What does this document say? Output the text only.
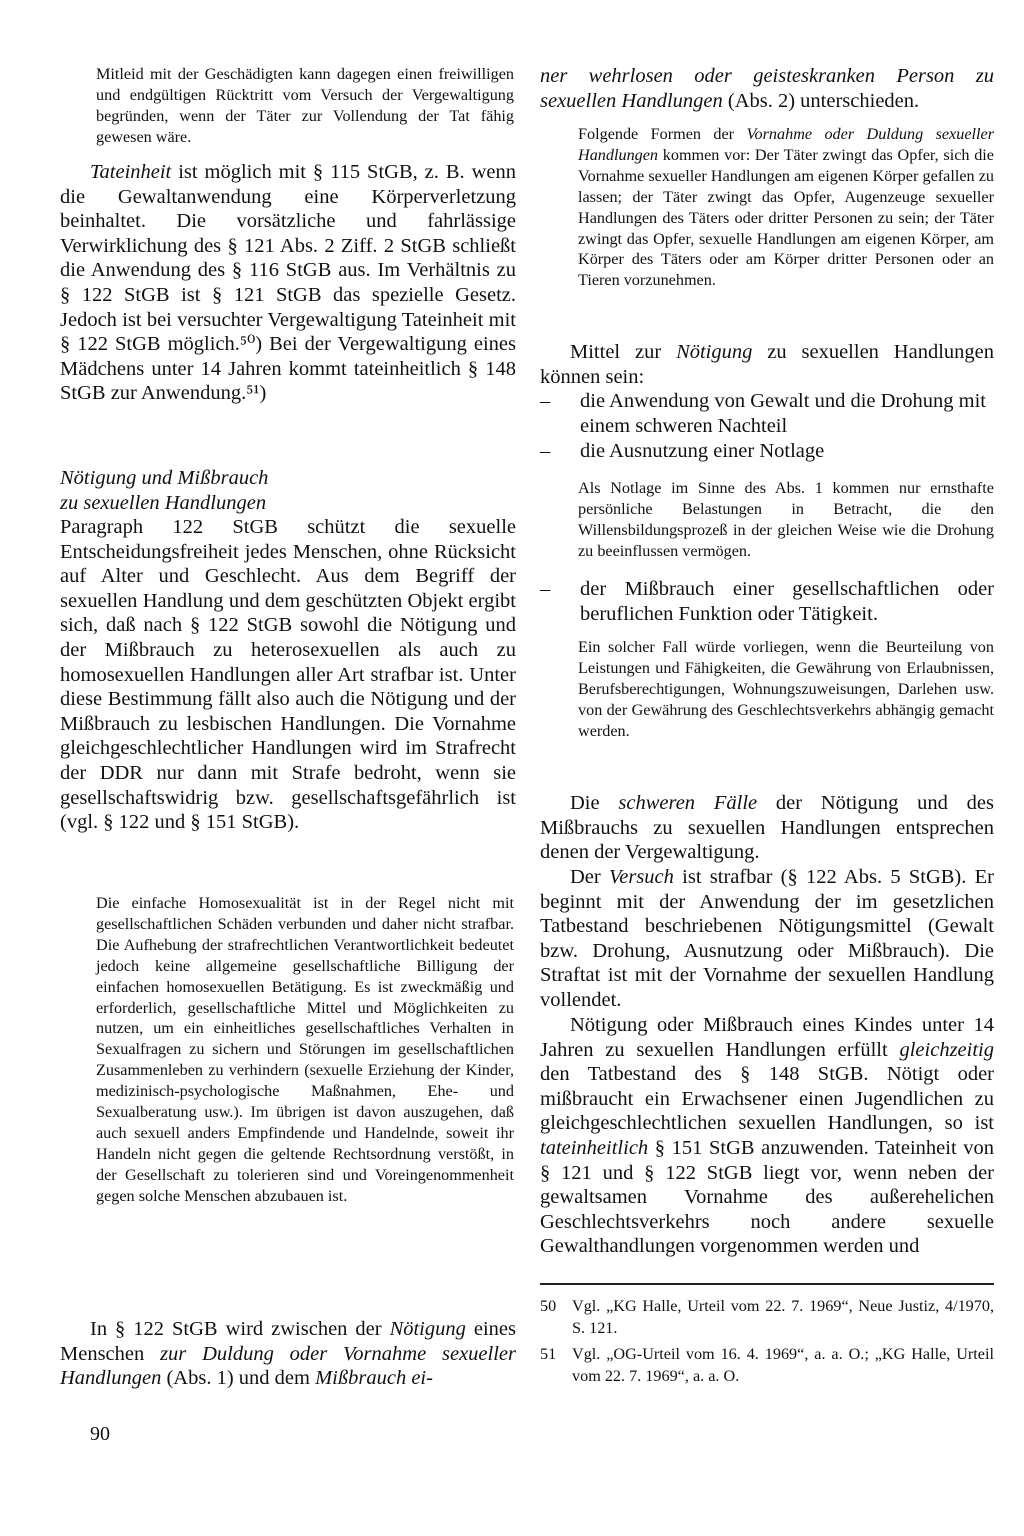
Mitleid mit der Geschädigten kann dagegen einen freiwilligen und endgültigen Rücktritt vom Versuch der Vergewaltigung begründen, wenn der Täter zur Vollendung der Tat fähig gewesen wäre.
Tateinheit ist möglich mit § 115 StGB, z. B. wenn die Gewaltanwendung eine Körperverletzung beinhaltet. Die vorsätzliche und fahrlässige Verwirklichung des § 121 Abs. 2 Ziff. 2 StGB schließt die Anwendung des § 116 StGB aus. Im Verhältnis zu § 122 StGB ist § 121 StGB das spezielle Gesetz. Jedoch ist bei versuchter Vergewaltigung Tateinheit mit § 122 StGB möglich.⁵⁰) Bei der Vergewaltigung eines Mädchens unter 14 Jahren kommt tateinheitlich § 148 StGB zur Anwendung.⁵¹)
Nötigung und Mißbrauch
zu sexuellen Handlungen
Paragraph 122 StGB schützt die sexuelle Entscheidungsfreiheit jedes Menschen, ohne Rücksicht auf Alter und Geschlecht. Aus dem Begriff der sexuellen Handlung und dem geschützten Objekt ergibt sich, daß nach § 122 StGB sowohl die Nötigung und der Mißbrauch zu heterosexuellen als auch zu homosexuellen Handlungen aller Art strafbar ist. Unter diese Bestimmung fällt also auch die Nötigung und der Mißbrauch zu lesbischen Handlungen. Die Vornahme gleichgeschlechtlicher Handlungen wird im Strafrecht der DDR nur dann mit Strafe bedroht, wenn sie gesellschaftswidrig bzw. gesellschaftsgefährlich ist (vgl. § 122 und § 151 StGB).
Die einfache Homosexualität ist in der Regel nicht mit gesellschaftlichen Schäden verbunden und daher nicht strafbar. Die Aufhebung der strafrechtlichen Verantwortlichkeit bedeutet jedoch keine allgemeine gesellschaftliche Billigung der einfachen homosexuellen Betätigung. Es ist zweckmäßig und erforderlich, gesellschaftliche Mittel und Möglichkeiten zu nutzen, um ein einheitliches gesellschaftliches Verhalten in Sexualfragen zu sichern und Störungen im gesellschaftlichen Zusammenleben zu verhindern (sexuelle Erziehung der Kinder, medizinisch-psychologische Maßnahmen, Ehe- und Sexualberatung usw.). Im übrigen ist davon auszugehen, daß auch sexuell anders Empfindende und Handelnde, soweit ihr Handeln nicht gegen die geltende Rechtsordnung verstößt, in der Gesellschaft zu tolerieren sind und Voreingenommenheit gegen solche Menschen abzubauen ist.
In § 122 StGB wird zwischen der Nötigung eines Menschen zur Duldung oder Vornahme sexueller Handlungen (Abs. 1) und dem Mißbrauch ei-
90
ner wehrlosen oder geisteskranken Person zu sexuellen Handlungen (Abs. 2) unterschieden.
Folgende Formen der Vornahme oder Duldung sexueller Handlungen kommen vor: Der Täter zwingt das Opfer, sich die Vornahme sexueller Handlungen am eigenen Körper gefallen zu lassen; der Täter zwingt das Opfer, Augenzeuge sexueller Handlungen des Täters oder dritter Personen zu sein; der Täter zwingt das Opfer, sexuelle Handlungen am eigenen Körper, am Körper des Täters oder am Körper dritter Personen oder an Tieren vorzunehmen.
Mittel zur Nötigung zu sexuellen Handlungen können sein:
– die Anwendung von Gewalt und die Drohung mit einem schweren Nachteil
– die Ausnutzung einer Notlage
Als Notlage im Sinne des Abs. 1 kommen nur ernsthafte persönliche Belastungen in Betracht, die den Willensbildungsprozeß in der gleichen Weise wie die Drohung zu beeinflussen vermögen.
– der Mißbrauch einer gesellschaftlichen oder beruflichen Funktion oder Tätigkeit.
Ein solcher Fall würde vorliegen, wenn die Beurteilung von Leistungen und Fähigkeiten, die Gewährung von Erlaubnissen, Berufsberechtigungen, Wohnungszuweisungen, Darlehen usw. von der Gewährung des Geschlechtsverkehrs abhängig gemacht werden.
Die schweren Fälle der Nötigung und des Mißbrauchs zu sexuellen Handlungen entsprechen denen der Vergewaltigung.
Der Versuch ist strafbar (§ 122 Abs. 5 StGB). Er beginnt mit der Anwendung der im gesetzlichen Tatbestand beschriebenen Nötigungsmittel (Gewalt bzw. Drohung, Ausnutzung oder Mißbrauch). Die Straftat ist mit der Vornahme der sexuellen Handlung vollendet.
Nötigung oder Mißbrauch eines Kindes unter 14 Jahren zu sexuellen Handlungen erfüllt gleichzeitig den Tatbestand des § 148 StGB. Nötigt oder mißbraucht ein Erwachsener einen Jugendlichen zu gleichgeschlechtlichen sexuellen Handlungen, so ist tateinheitlich § 151 StGB anzuwenden. Tateinheit von § 121 und § 122 StGB liegt vor, wenn neben der gewaltsamen Vornahme des außerehelichen Geschlechtsverkehrs noch andere sexuelle Gewalthandlungen vorgenommen werden und
50 Vgl. „KG Halle, Urteil vom 22. 7. 1969“, Neue Justiz, 4/1970, S. 121.
51 Vgl. „OG-Urteil vom 16. 4. 1969“, a. a. O.; „KG Halle, Urteil vom 22. 7. 1969“, a. a. O.
